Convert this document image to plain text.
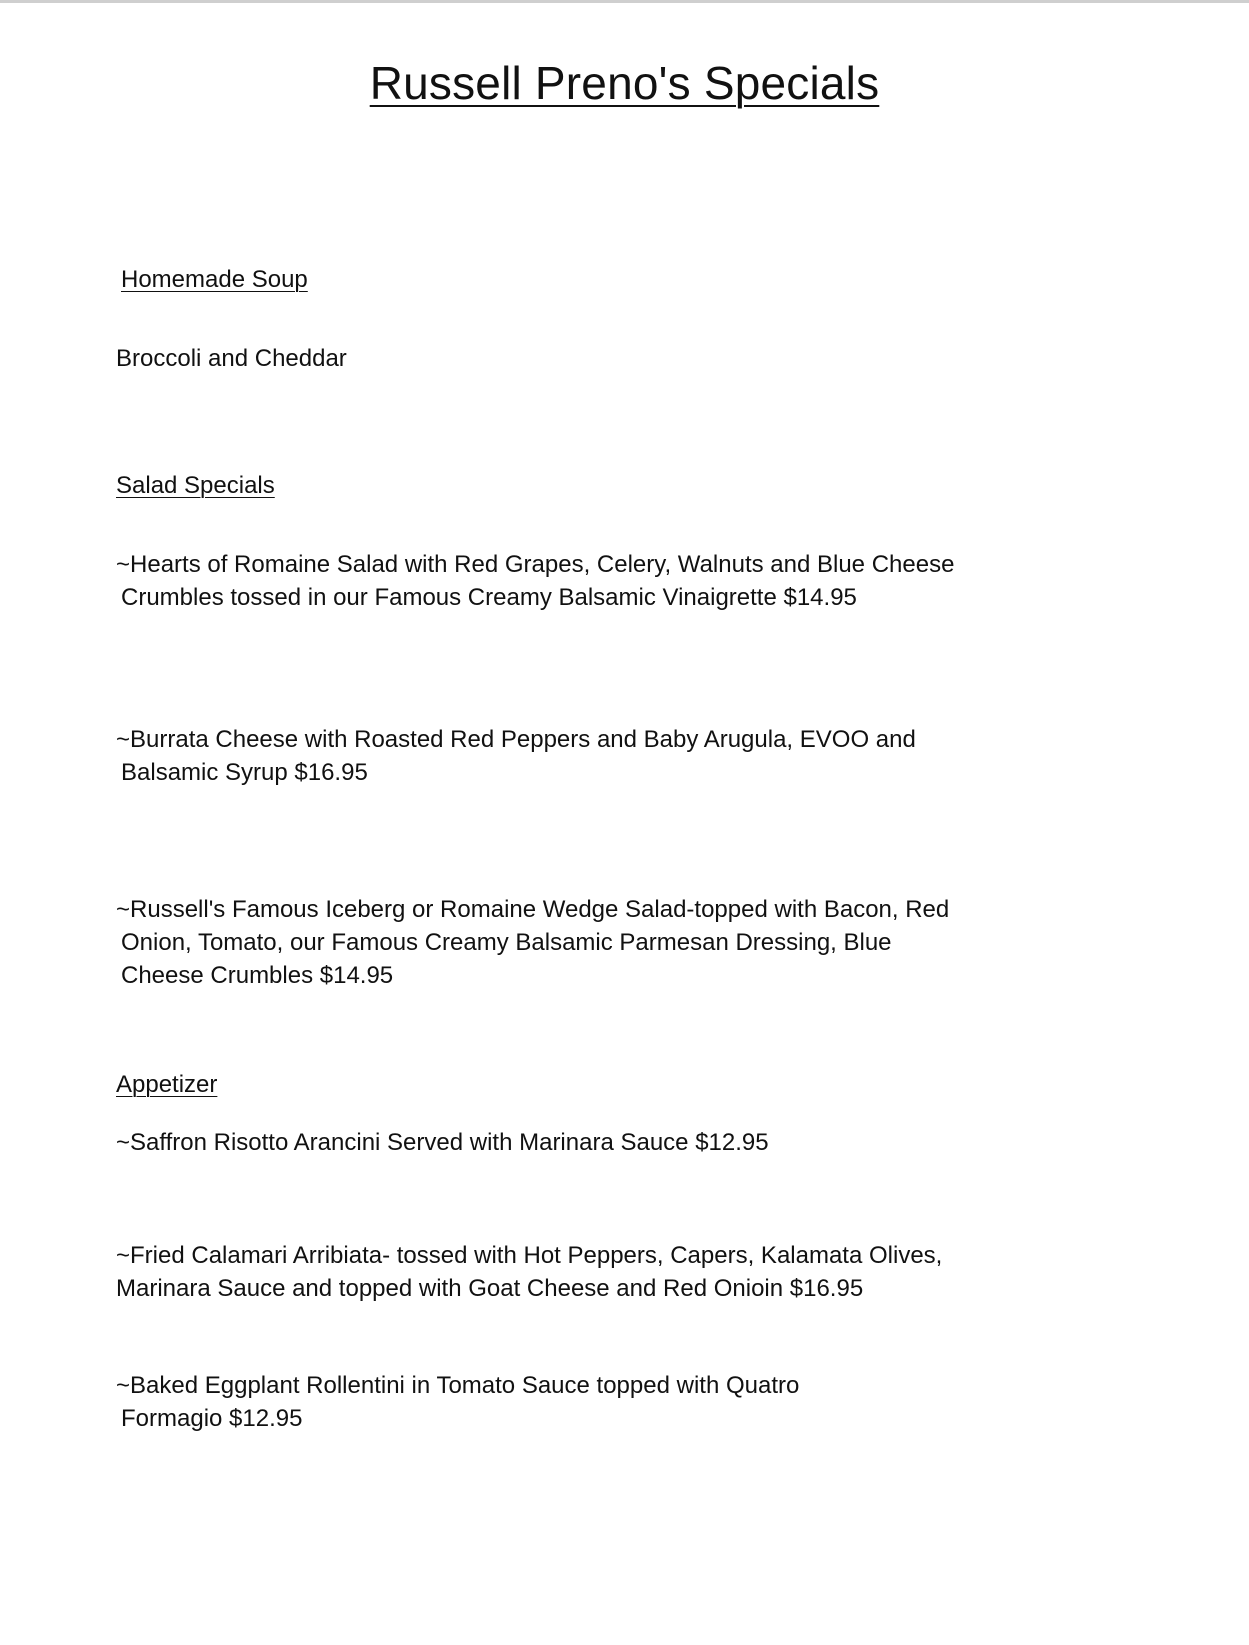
Russell Preno's Specials
Homemade Soup

Broccoli and Cheddar

Salad Specials

~Hearts of Romaine Salad with Red Grapes, Celery, Walnuts and Blue Cheese
Crumbles tossed in our Famous Creamy Balsamic Vinaigrette $14.95

~Burrata Cheese with Roasted Red Peppers and Baby Arugula, EVOO and
Balsamic Syrup $16.95

~Russell's Famous Iceberg or Romaine Wedge Salad-topped with Bacon, Red
Onion, Tomato, our Famous Creamy Balsamic Parmesan Dressing, Blue
Cheese Crumbles $14.95

Appetizer

~Saffron Risotto Arancini Served with Marinara Sauce $12.95

~Fried Calamari Arribiata- tossed with Hot Peppers, Capers, Kalamata Olives,
Marinara Sauce and topped with Goat Cheese and Red Onioin $16.95

~Baked Eggplant Rollentini in Tomato Sauce topped with Quatro
Formagio $12.95
